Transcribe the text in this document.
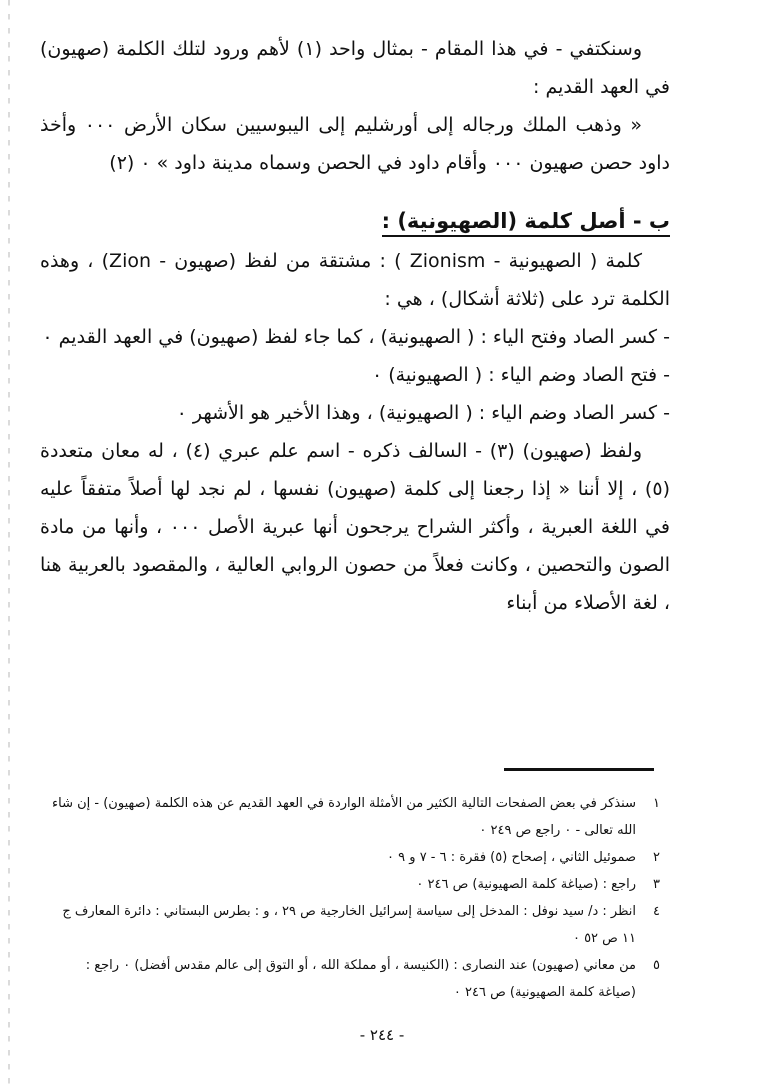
وسنكتفي - في هذا المقام - بمثال واحد (١) لأهم ورود لتلك الكلمة (صهيون) في العهد القديم :

« وذهب الملك ورجاله إلى أورشليم إلى اليبوسيين سكان الأرض ٠٠٠ وأخذ داود حصن صهيون ٠٠٠ وأقام داود في الحصن وسماه مدينة داود » ٠ (٢)

ب - أصل كلمة (الصهيونية) :

كلمة ( الصهيونية - Zionism ) : مشتقة من لفظ (صهيون - Zion) ، وهذه الكلمة ترد على (ثلاثة أشكال) ، هي :

- كسر الصاد وفتح الياء : ( الصهيونية) ، كما جاء لفظ (صهيون) في العهد القديم ٠

- فتح الصاد وضم الياء : ( الصهيونية) ٠

- كسر الصاد وضم الياء : ( الصهيونية) ، وهذا الأخير هو الأشهر ٠

ولفظ (صهيون) (٣) - السالف ذكره - اسم علم عبري (٤) ، له معان متعددة (٥) ، إلا أننا « إذا رجعنا إلى كلمة (صهيون) نفسها ، لم نجد لها أصلاً متفقاً عليه في اللغة العبرية ، وأكثر الشراح يرجحون أنها عبرية الأصل ٠٠٠ ، وأنها من مادة الصون والتحصين ، وكانت فعلاً من حصون الروابي العالية ، والمقصود بالعربية هنا ، لغة الأصلاء من أبناء

١
سنذكر في بعض الصفحات التالية الكثير من الأمثلة الواردة في العهد القديم عن هذه الكلمة (صهيون) - إن شاء الله تعالى - ٠ راجع ص ٢٤٩ ٠
٢
صموئيل الثاني ، إصحاح (٥) فقرة : ٦ - ٧ و ٩ ٠
٣
راجع : (صياغة كلمة الصهيونية) ص ٢٤٦ ٠
٤
انظر : د/ سيد نوفل : المدخل إلى سياسة إسرائيل الخارجية ص ٢٩ ، و : بطرس البستاني : دائرة المعارف ج ١١ ص ٥٢ ٠
٥
من معاني (صهيون) عند النصارى : (الكنيسة ، أو مملكة الله ، أو التوق إلى عالم مقدس أفضل) ٠ راجع : (صياغة كلمة الصهيونية) ص ٢٤٦ ٠
- ٢٤٤ -
